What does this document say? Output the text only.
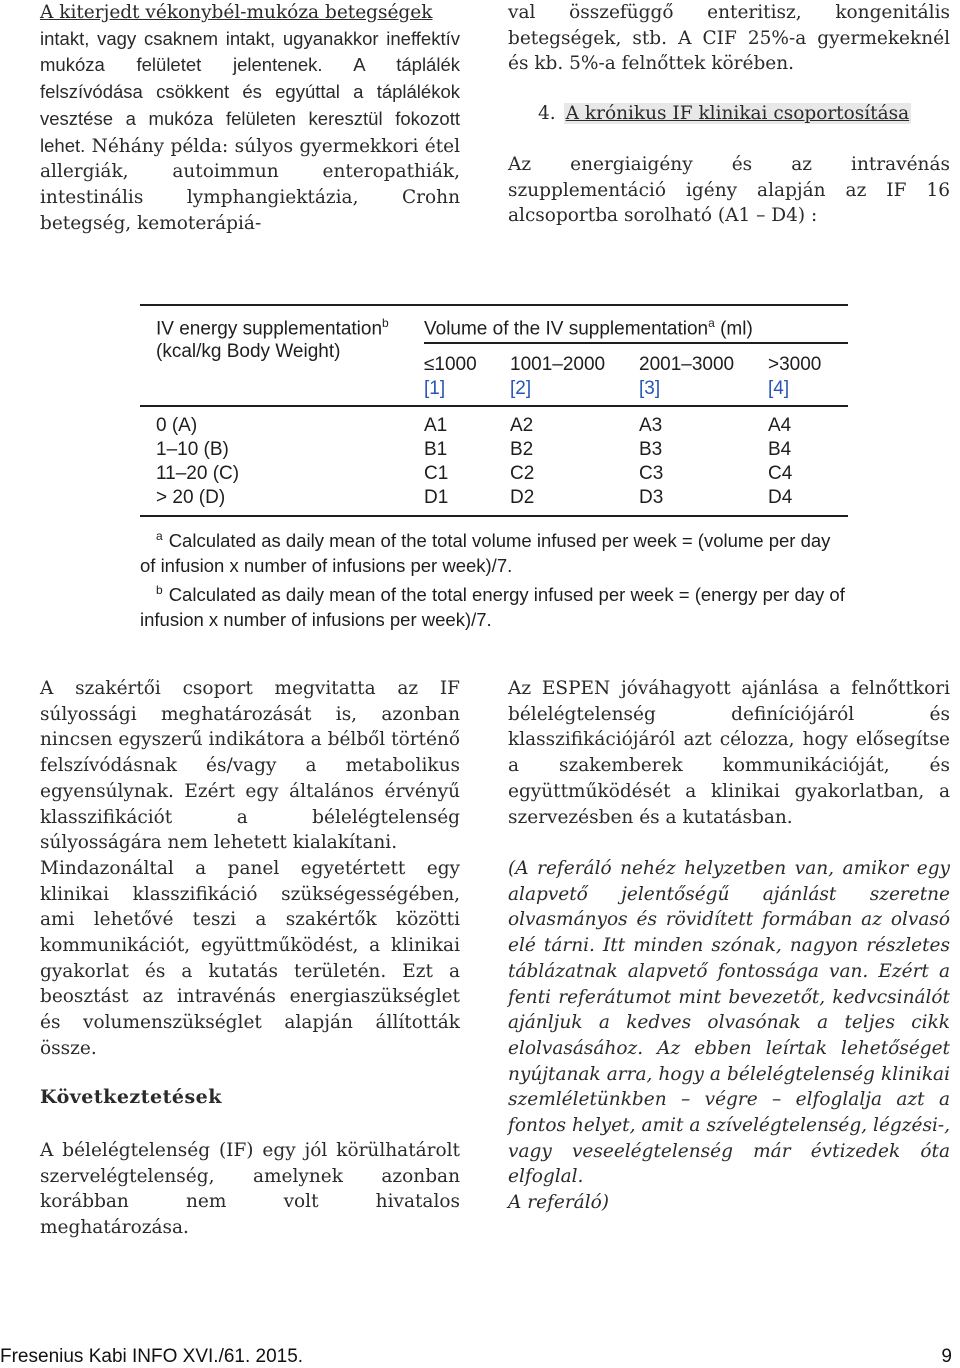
A kiterjedt vékonybél-mukóza betegségek
intakt, vagy csaknem intakt, ugyanakkor ineffektív mukóza felületet jelentenek. A táplálék felszívódása csökkent és egyúttal a táplálékok vesztése a mukóza felületen keresztül fokozott lehet. Néhány példa: súlyos gyermekkori étel allergiák, autoimmun enteropathiák, intestinális lymphangiektázia, Crohn betegség, kemoterápiá-

val összefüggő enteritisz, kongenitális betegségek, stb. A CIF 25%-a gyermekeknél és kb. 5%-a felnőttek körében.

4. A krónikus IF klinikai csoportosítása

Az energiaigény és az intravénás szupplementáció igény alapján az IF 16 alcsoportba sorolható (A1 – D4) :

IV energy supplementation$^b$
(kcal/kg Body Weight)
Volume of the IV supplementation$^a$ (ml)
≤1000 1001–2000 2001–3000 >3000
[1]	[2]	[3]	[4]
0 (A)	A1	A2	A3	A4
1–10 (B)	B1	B2	B3	B4
11–20 (C)	C1	C2	C3	C4
> 20 (D)	D1	D2	D3	D4
$^a$ Calculated as daily mean of the total volume infused per week = (volume per day of infusion x number of infusions per week)/7.
$^b$ Calculated as daily mean of the total energy infused per week = (energy per day of infusion x number of infusions per week)/7.

A szakértői csoport megvitatta az IF súlyossági meghatározását is, azonban nincsen egyszerű indikátora a bélből történő felszívódásnak és/vagy a metabolikus egyensúlynak. Ezért egy általános érvényű klasszifikációt a bélelégtelenség súlyosságára nem lehetett kialakítani.

Mindazonáltal a panel egyetértett egy klinikai klasszifikáció szükségességében, ami lehetővé teszi a szakértők közötti kommunikációt, együttműködést, a klinikai gyakorlat és a kutatás területén. Ezt a beosztást az intravénás energiaszükséglet és volumenszükséglet alapján állították össze.

Következtetések

A bélelégtelenség (IF) egy jól körülhatárolt szervelégtelenség, amelynek azonban korábban nem volt hivatalos meghatározása.

Az ESPEN jóváhagyott ajánlása a felnőttkori bélelégtelenség definíciójáról és klasszifikációjáról azt célozza, hogy elősegítse a szakemberek kommunikációját, és együttműködését a klinikai gyakorlatban, a szervezésben és a kutatásban.

(A referáló nehéz helyzetben van, amikor egy alapvető jelentőségű ajánlást szeretne olvasmányos és rövidített formában az olvasó elé tárni. Itt minden szónak, nagyon részletes táblázatnak alapvető fontossága van. Ezért a fenti referátumot mint bevezetőt, kedvcsinálót ajánljuk a kedves olvasónak a teljes cikk elolvasásához. Az ebben leírtak lehetőséget nyújtanak arra, hogy a bélelégtelenség klinikai szemléletünkben – végre – elfoglalja azt a fontos helyet, amit a szívelégtelenség, légzési-, vagy veseelégtelenség már évtizedek óta elfoglal.

A referáló)

Fresenius Kabi INFO XVI./61. 2015.	9
